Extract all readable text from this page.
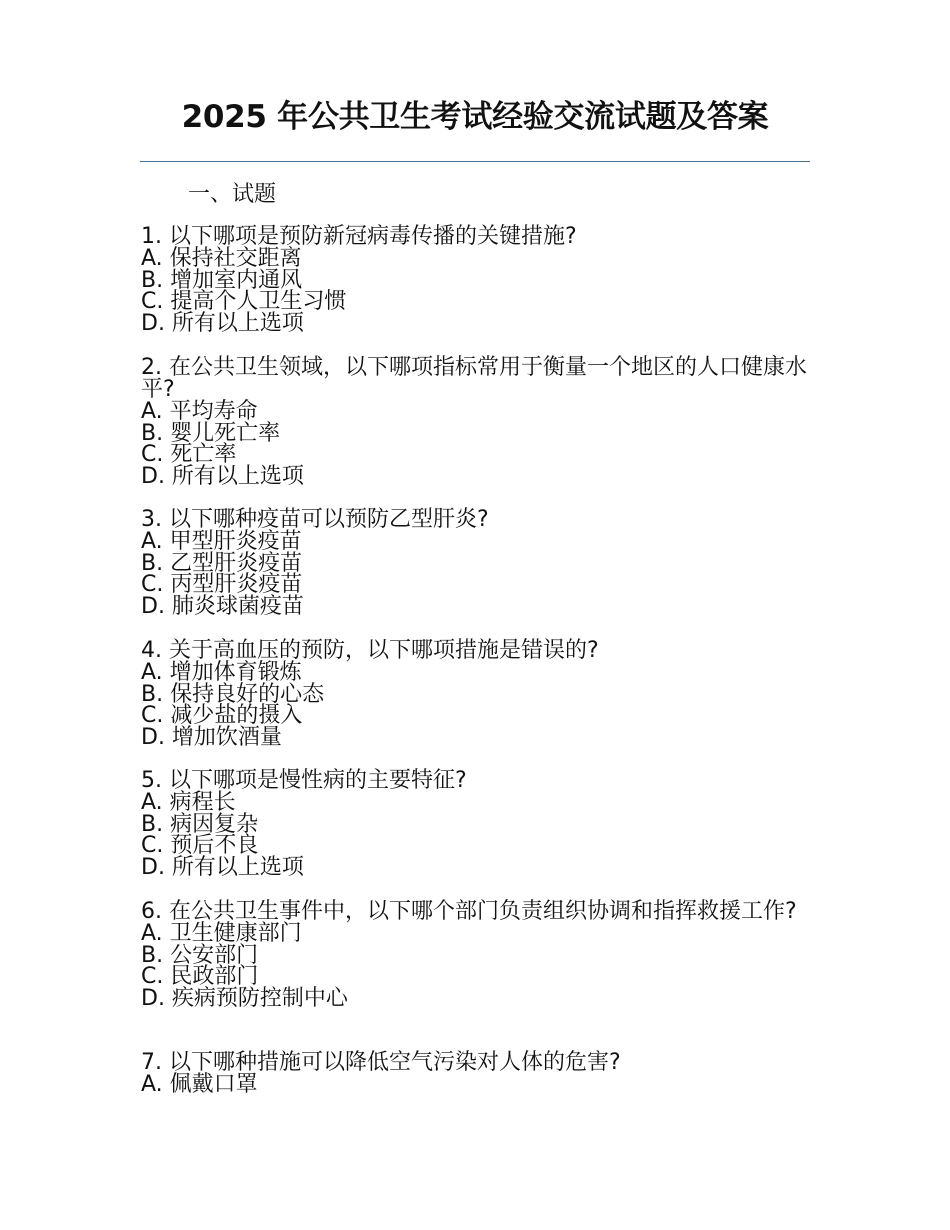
2025 年公共卫生考试经验交流试题及答案

一、试题

1. 以下哪项是预防新冠病毒传播的关键措施?

A. 保持社交距离

B. 增加室内通风

C. 提高个人卫生习惯

D. 所有以上选项

2. 在公共卫生领域，以下哪项指标常用于衡量一个地区的人口健康水平?

A. 平均寿命

B. 婴儿死亡率

C. 死亡率

D. 所有以上选项

3. 以下哪种疫苗可以预防乙型肝炎?

A. 甲型肝炎疫苗

B. 乙型肝炎疫苗

C. 丙型肝炎疫苗

D. 肺炎球菌疫苗

4. 关于高血压的预防，以下哪项措施是错误的?

A. 增加体育锻炼

B. 保持良好的心态

C. 减少盐的摄入

D. 增加饮酒量

5. 以下哪项是慢性病的主要特征?

A. 病程长

B. 病因复杂

C. 预后不良

D. 所有以上选项

6. 在公共卫生事件中，以下哪个部门负责组织协调和指挥救援工作?

A. 卫生健康部门

B. 公安部门

C. 民政部门

D. 疾病预防控制中心

7. 以下哪种措施可以降低空气污染对人体的危害?

A. 佩戴口罩
